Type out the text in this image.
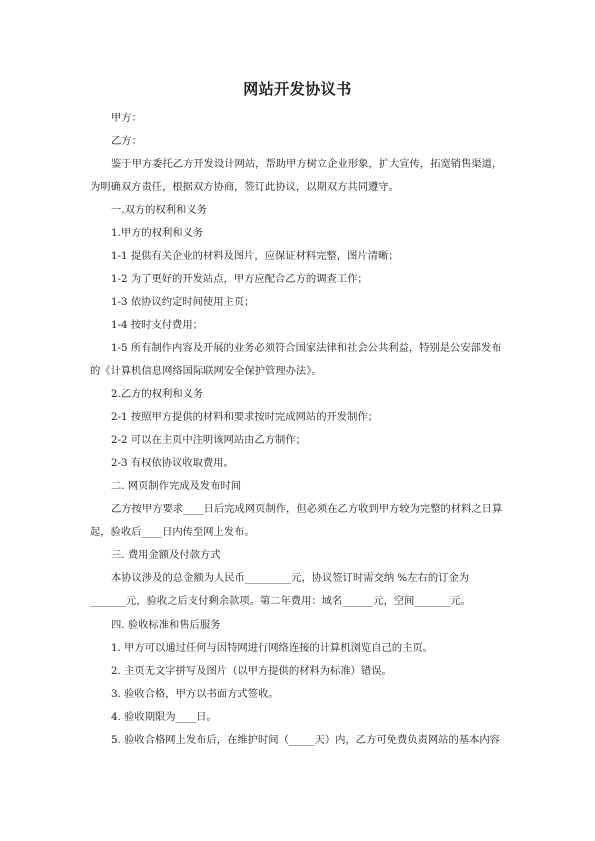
网站开发协议书
甲方：
乙方：
鉴于甲方委托乙方开发设计网站，帮助甲方树立企业形象，扩大宣传，拓宽销售渠道，
为明确双方责任，根据双方协商，签订此协议，以期双方共同遵守。
一.双方的权利和义务
1.甲方的权利和义务
1-1 提供有关企业的材料及图片，应保证材料完整，图片清晰；
1-2 为了更好的开发站点，甲方应配合乙方的调查工作；
1-3 依协议约定时间使用主页；
1-4 按时支付费用；
1-5 所有制作内容及开展的业务必须符合国家法律和社会公共利益，特别是公安部发布
的《计算机信息网络国际联网安全保护管理办法》。
2.乙方的权利和义务
2-1 按照甲方提供的材料和要求按时完成网站的开发制作；
2-2 可以在主页中注明该网站由乙方制作；
2-3 有权依协议收取费用。
二. 网页制作完成及发布时间
乙方按甲方要求____日后完成网页制作，但必须在乙方收到甲方较为完整的材料之日算
起，验收后____日内传至网上发布。
三. 费用金额及付款方式
本协议涉及的总金额为人民币_________元，协议签订时需交纳 %左右的订金为
_______元，验收之后支付剩余款项。第二年费用：域名______元，空间_______元。
四. 验收标准和售后服务
1. 甲方可以通过任何与因特网进行网络连接的计算机浏览自己的主页。
2. 主页无文字拼写及图片（以甲方提供的材料为标准）错误。
3. 验收合格，甲方以书面方式签收。
4. 验收期限为____日。
5. 验收合格网上发布后，在维护时间（_____天）内，乙方可免费负责网站的基本内容
